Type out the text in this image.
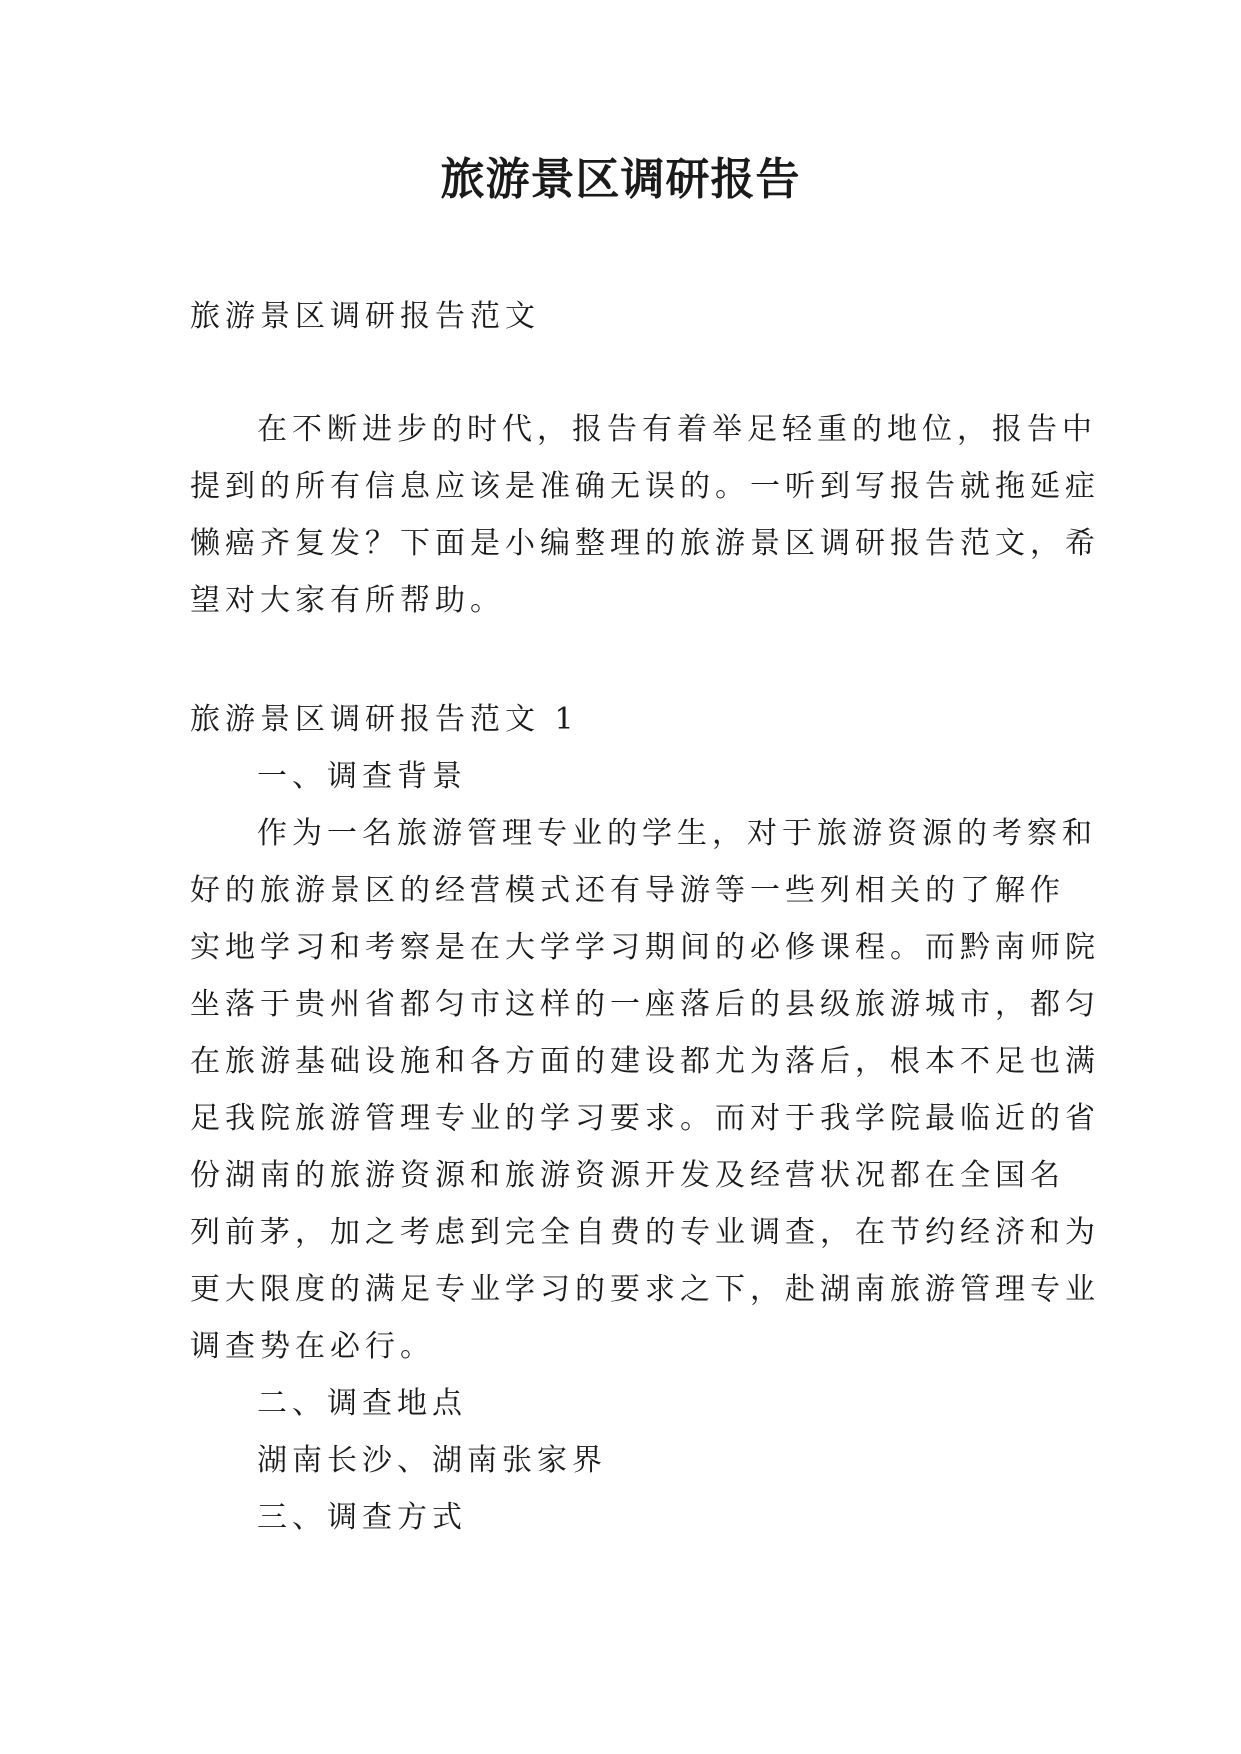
旅游景区调研报告

旅游景区调研报告范文

在不断进步的时代，报告有着举足轻重的地位，报告中

提到的所有信息应该是准确无误的。一听到写报告就拖延症

懒癌齐复发？下面是小编整理的旅游景区调研报告范文，希

望对大家有所帮助。

旅游景区调研报告范文 1

一、调查背景

作为一名旅游管理专业的学生，对于旅游资源的考察和

好的旅游景区的经营模式还有导游等一些列相关的了解作

实地学习和考察是在大学学习期间的必修课程。而黔南师院

坐落于贵州省都匀市这样的一座落后的县级旅游城市，都匀

在旅游基础设施和各方面的建设都尤为落后，根本不足也满

足我院旅游管理专业的学习要求。而对于我学院最临近的省

份湖南的旅游资源和旅游资源开发及经营状况都在全国名

列前茅，加之考虑到完全自费的专业调查，在节约经济和为

更大限度的满足专业学习的要求之下，赴湖南旅游管理专业

调查势在必行。

二、调查地点

湖南长沙、湖南张家界

三、调查方式
